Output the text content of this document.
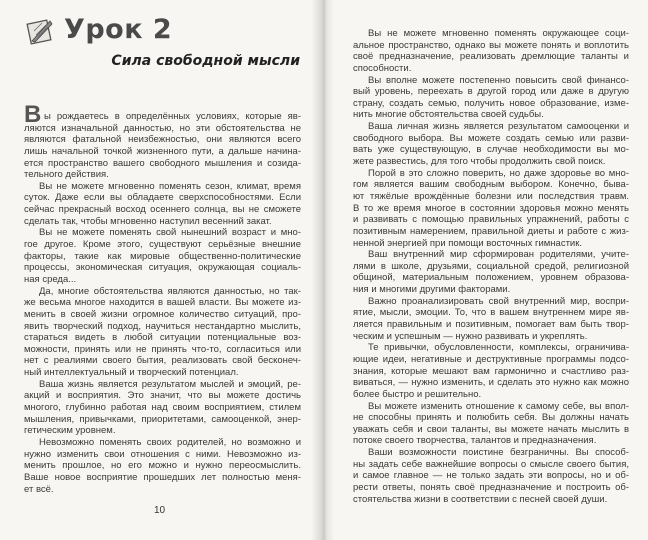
Урок 2
Сила свободной мысли
В ы рождаетесь в определённых условиях, которые яв-
ляются изначальной данностью, но эти обстоятельства не
являются фатальной неизбежностью, они являются всего
лишь начальной точкой жизненного пути, а дальше начина-
ется пространство вашего свободного мышления и созида-
тельного действия.
Вы не можете мгновенно поменять сезон, климат, время
суток. Даже если вы обладаете сверхспособностями. Если
сейчас прекрасный восход осеннего солнца, вы не сможете
сделать так, чтобы мгновенно наступил весенний закат.
Вы не можете поменять свой нынешний возраст и мно-
гое другое. Кроме этого, существуют серьёзные внешние
факторы, такие как мировые общественно-политические
процессы, экономическая ситуация, окружающая социаль-
ная среда...
Да, многие обстоятельства являются данностью, но так-
же весьма многое находится в вашей власти. Вы можете из-
менить в своей жизни огромное количество ситуаций, про-
явить творческий подход, научиться нестандартно мыслить,
стараться видеть в любой ситуации потенциальные воз-
можности, принять или не принять что-то, согласиться или
нет с реалиями своего бытия, реализовать свой бесконеч-
ный интеллектуальный и творческий потенциал.
Ваша жизнь является результатом мыслей и эмоций, ре-
акций и восприятия. Это значит, что вы можете достичь
многого, глубинно работая над своим восприятием, стилем
мышления, привычками, приоритетами, самооценкой, энер-
гетическим уровнем.
Невозможно поменять своих родителей, но возможно и
нужно изменить свои отношения с ними. Невозможно из-
менить прошлое, но его можно и нужно переосмыслить.
Ваше новое восприятие прошедших лет полностью меня-
ет всё.
10
Вы не можете мгновенно поменять окружающее соци-
альное пространство, однако вы можете понять и воплотить
своё предназначение, реализовать дремлющие таланты и
способности.
Вы вполне можете постепенно повысить свой финансо-
вый уровень, переехать в другой город или даже в другую
страну, создать семью, получить новое образование, изме-
нить многие обстоятельства своей судьбы.
Ваша личная жизнь является результатом самооценки и
свободного выбора. Вы можете создать семью или разви-
вать уже существующую, в случае необходимости вы мо-
жете развестись, для того чтобы продолжить свой поиск.
Порой в это сложно поверить, но даже здоровье во мно-
гом является вашим свободным выбором. Конечно, быва-
ют тяжёлые врождённые болезни или последствия травм.
В то же время многое в состоянии здоровья можно менять
и развивать с помощью правильных упражнений, работы с
позитивным намерением, правильной диеты и работе с жиз-
ненной энергией при помощи восточных гимнастик.
Ваш внутренний мир сформирован родителями, учите-
лями в школе, друзьями, социальной средой, религиозной
общиной, материальным положением, уровнем образова-
ния и многими другими факторами.
Важно проанализировать свой внутренний мир, воспри-
ятие, мысли, эмоции. То, что в вашем внутреннем мире яв-
ляется правильным и позитивным, помогает вам быть твор-
ческим и успешным — нужно развивать и укреплять.
Те привычки, обусловленности, комплексы, ограничива-
ющие идеи, негативные и деструктивные программы подсо-
знания, которые мешают вам гармонично и счастливо раз-
виваться, — нужно изменить, и сделать это нужно как можно
более быстро и решительно.
Вы можете изменить отношение к самому себе, вы впол-
не способны принять и полюбить себя. Вы должны начать
уважать себя и свои таланты, вы можете начать мыслить в
потоке своего творчества, талантов и предназначения.
Ваши возможности поистине безграничны. Вы способ-
ны задать себе важнейшие вопросы о смысле своего бытия,
и самое главное — не только задать эти вопросы, но и об-
рести ответы, понять своё предназначение и построить об-
стоятельства жизни в соответствии с песней своей души.
